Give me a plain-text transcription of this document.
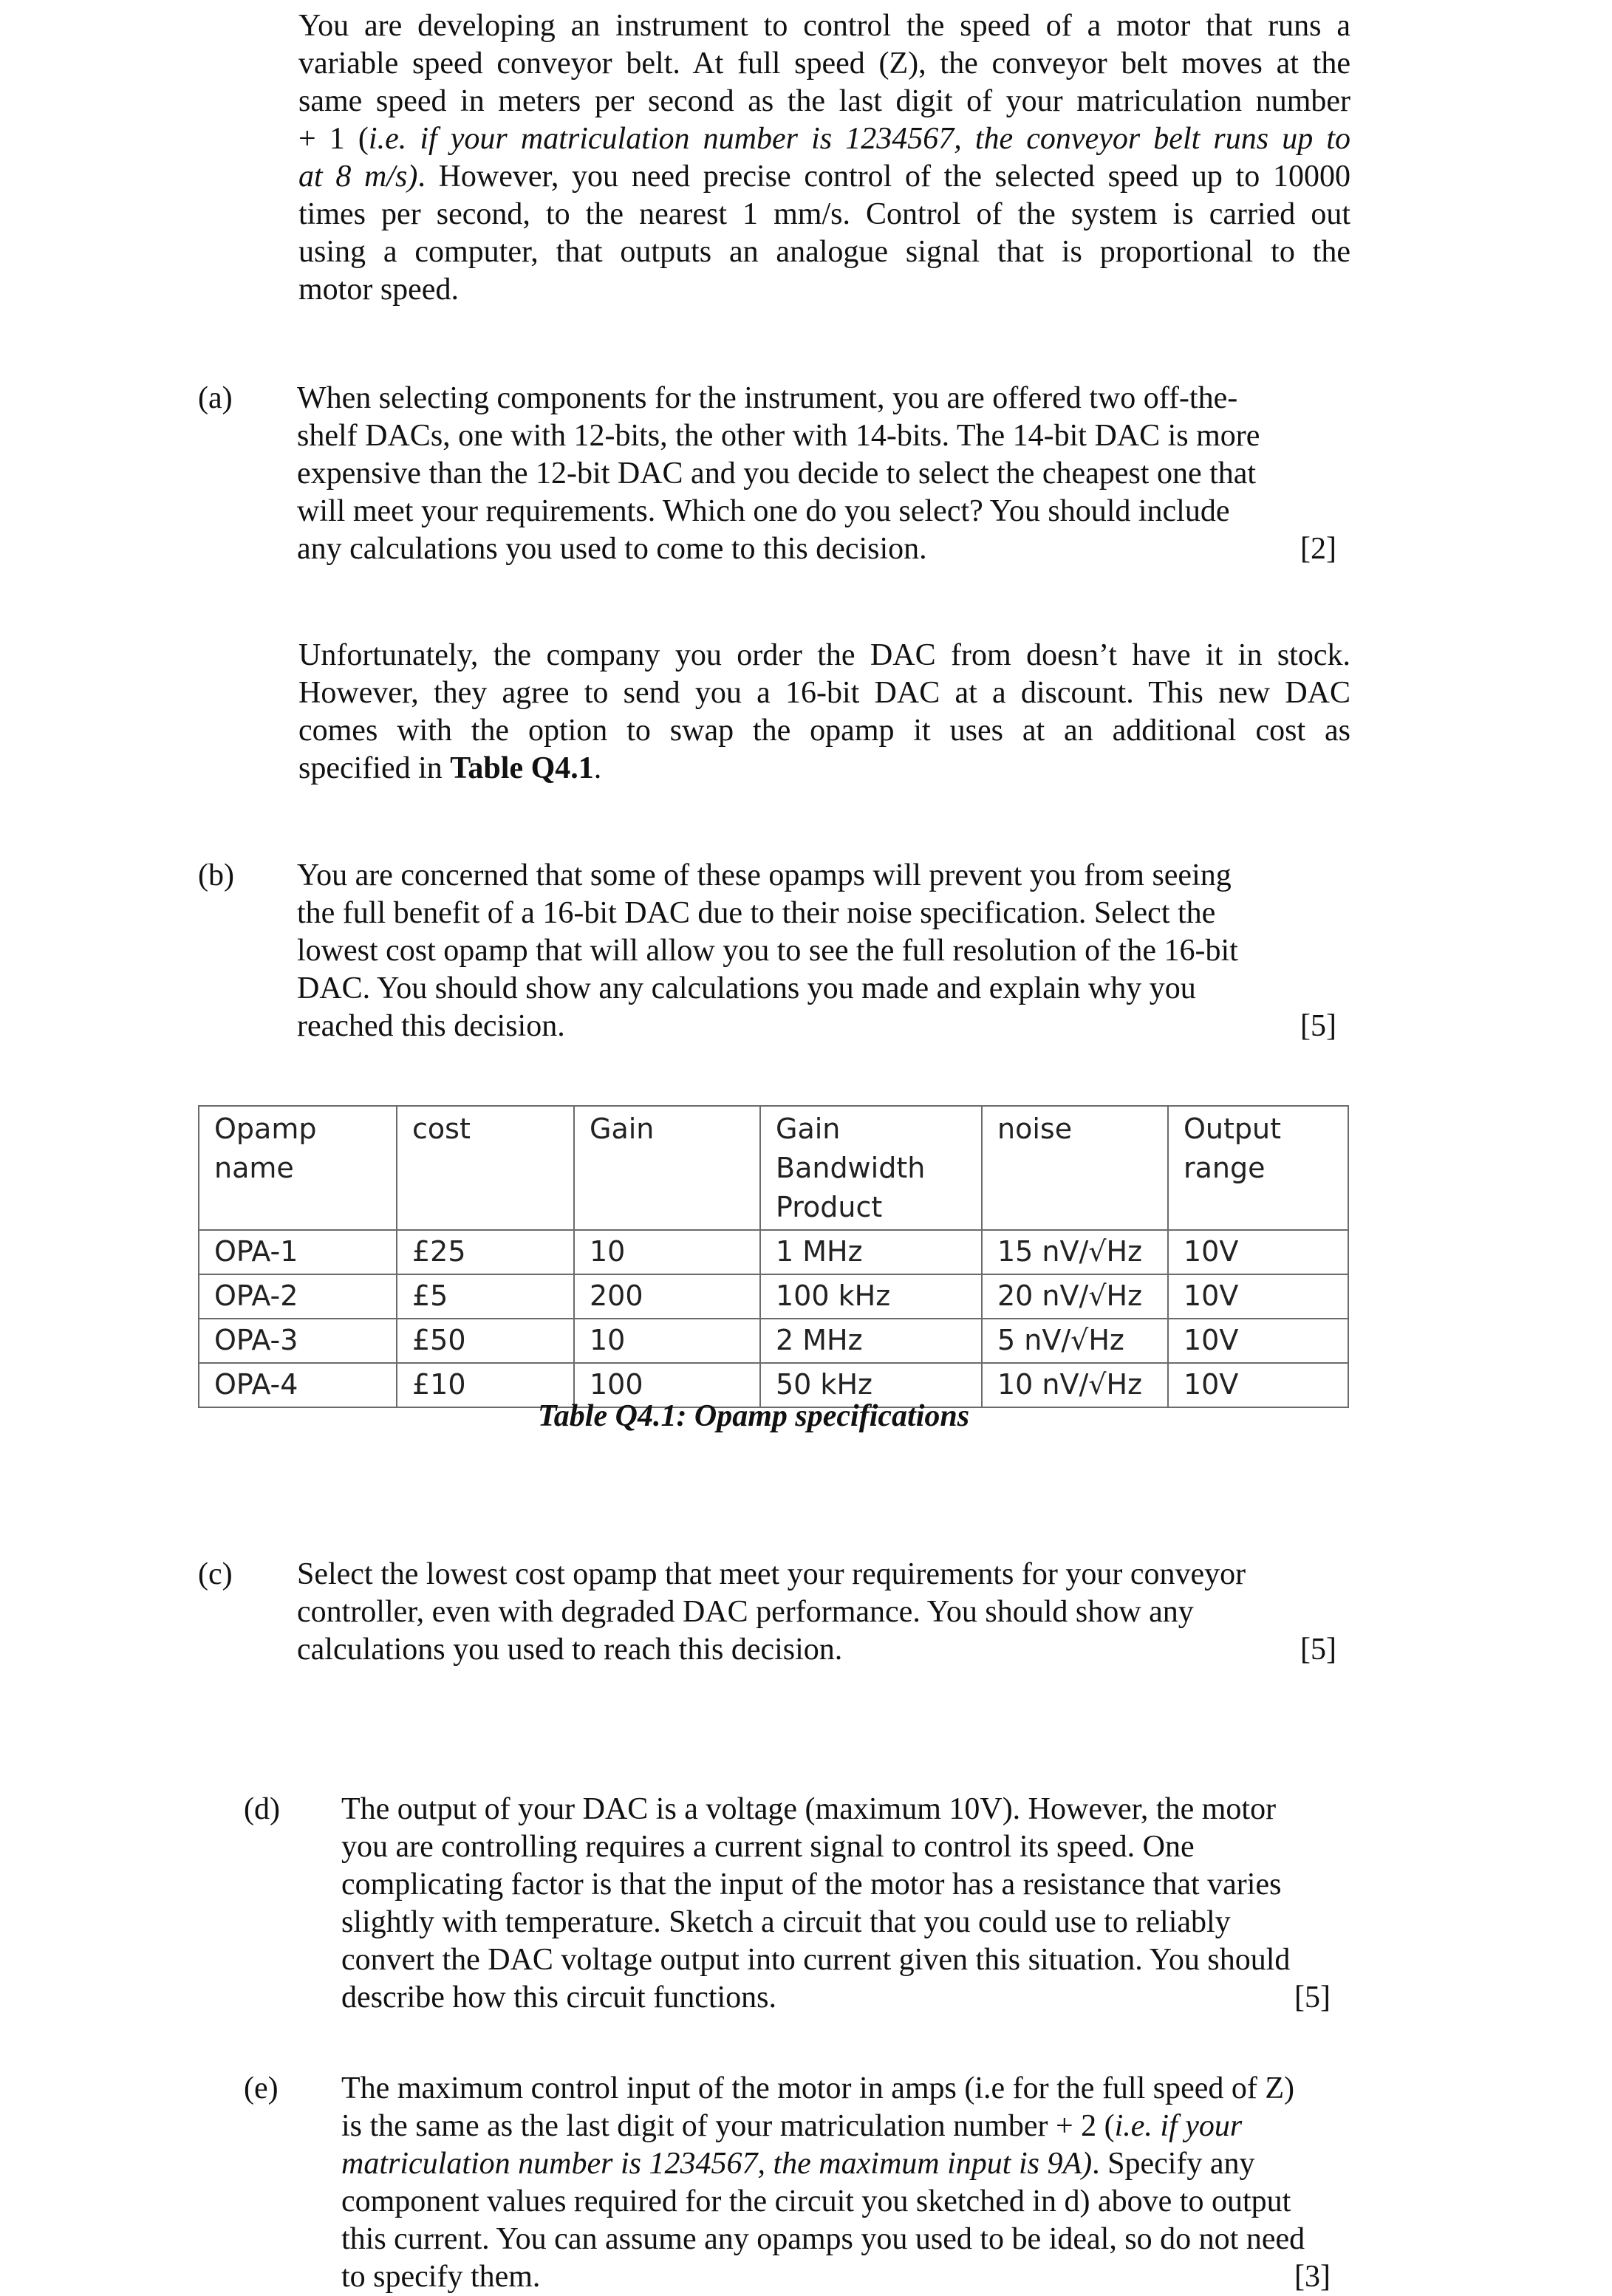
You are developing an instrument to control the speed of a motor that runs a
variable speed conveyor belt. At full speed (Z), the conveyor belt moves at the
same speed in meters per second as the last digit of your matriculation number
+ 1 (i.e. if your matriculation number is 1234567, the conveyor belt runs up to
at 8 m/s). However, you need precise control of the selected speed up to 10000
times per second, to the nearest 1 mm/s. Control of the system is carried out
using a computer, that outputs an analogue signal that is proportional to the
motor speed.
(a) When selecting components for the instrument, you are offered two off-the-
shelf DACs, one with 12-bits, the other with 14-bits. The 14-bit DAC is more
expensive than the 12-bit DAC and you decide to select the cheapest one that
will meet your requirements. Which one do you select? You should include
any calculations you used to come to this decision.	[2]
Unfortunately, the company you order the DAC from doesn’t have it in stock.
However, they agree to send you a 16-bit DAC at a discount. This new DAC
comes with the option to swap the opamp it uses at an additional cost as
specified in Table Q4.1.
(b) You are concerned that some of these opamps will prevent you from seeing
the full benefit of a 16-bit DAC due to their noise specification. Select the
lowest cost opamp that will allow you to see the full resolution of the 16-bit
DAC. You should show any calculations you made and explain why you
reached this decision.	[5]
Opamp
name	cost	Gain	Gain
Bandwidth
Product	noise	Output
range
OPA-1	£25	10	1 MHz	15 nV/√Hz	10V
OPA-2	£5	200	100 kHz	20 nV/√Hz	10V
OPA-3	£50	10	2 MHz	5 nV/√Hz	10V
OPA-4	£10	100	50 kHz	10 nV/√Hz	10V
Table Q4.1: Opamp specifications
(c) Select the lowest cost opamp that meet your requirements for your conveyor
controller, even with degraded DAC performance. You should show any
calculations you used to reach this decision.	[5]
(d) The output of your DAC is a voltage (maximum 10V). However, the motor
you are controlling requires a current signal to control its speed. One
complicating factor is that the input of the motor has a resistance that varies
slightly with temperature. Sketch a circuit that you could use to reliably
convert the DAC voltage output into current given this situation. You should
describe how this circuit functions.	[5]
(e) The maximum control input of the motor in amps (i.e for the full speed of Z)
is the same as the last digit of your matriculation number + 2 (i.e. if your
matriculation number is 1234567, the maximum input is 9A). Specify any
component values required for the circuit you sketched in d) above to output
this current. You can assume any opamps you used to be ideal, so do not need
to specify them.	[3]
